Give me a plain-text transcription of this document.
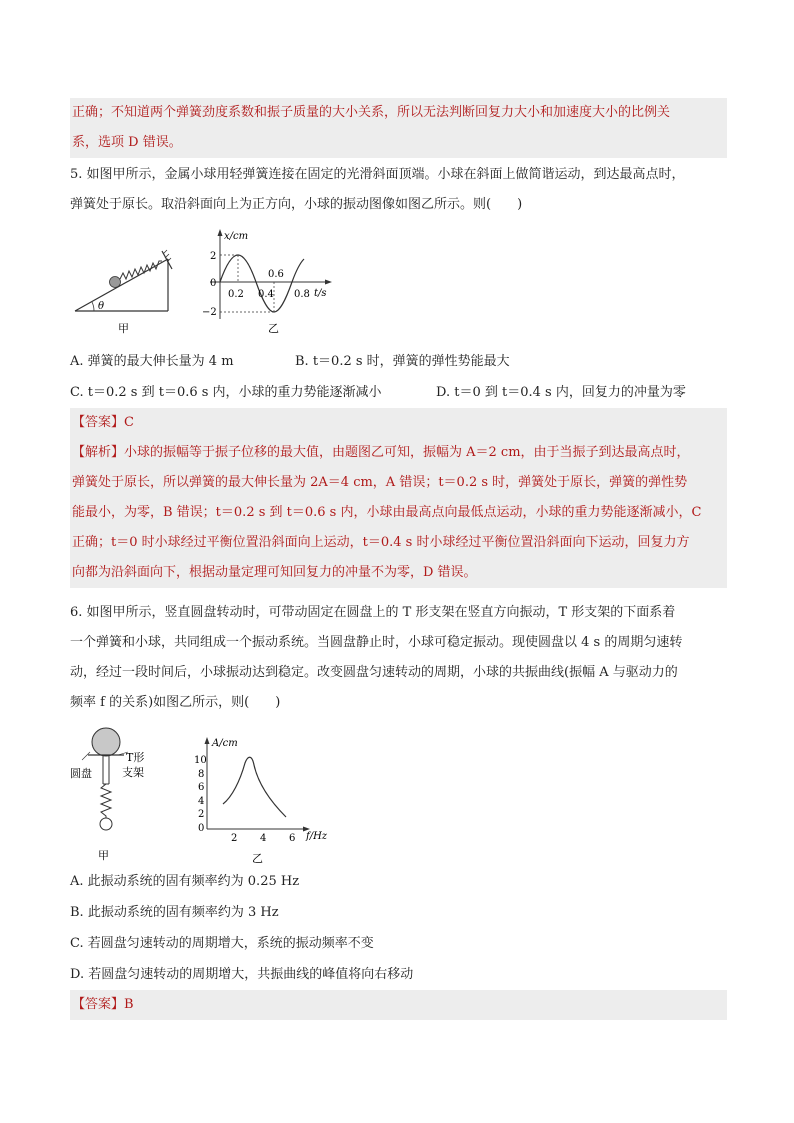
正确；不知道两个弹簧劲度系数和振子质量的大小关系，所以无法判断回复力大小和加速度大小的比例关
系，选项 D 错误。
5. 如图甲所示，金属小球用轻弹簧连接在固定的光滑斜面顶端。小球在斜面上做简谐运动，到达最高点时，
弹簧处于原长。取沿斜面向上为正方向，小球的振动图像如图乙所示。则(　　)
θ
甲
x/cm
t/s
2
0
−2
0.2 0.4
0.6
0.8
乙
A. 弹簧的最大伸长量为 4 m	B. t＝0.2 s 时，弹簧的弹性势能最大
C. t＝0.2 s 到 t＝0.6 s 内，小球的重力势能逐渐减小	D. t＝0 到 t＝0.4 s 内，回复力的冲量为零
【答案】C
【解析】小球的振幅等于振子位移的最大值，由题图乙可知，振幅为 A＝2 cm，由于当振子到达最高点时，
弹簧处于原长，所以弹簧的最大伸长量为 2A＝4 cm，A 错误；t＝0.2 s 时，弹簧处于原长，弹簧的弹性势
能最小，为零，B 错误；t＝0.2 s 到 t＝0.6 s 内，小球由最高点向最低点运动，小球的重力势能逐渐减小，C
正确；t＝0 时小球经过平衡位置沿斜面向上运动，t＝0.4 s 时小球经过平衡位置沿斜面向下运动，回复力方
向都为沿斜面向下，根据动量定理可知回复力的冲量不为零，D 错误。
6. 如图甲所示，竖直圆盘转动时，可带动固定在圆盘上的 T 形支架在竖直方向振动，T 形支架的下面系着
一个弹簧和小球，共同组成一个振动系统。当圆盘静止时，小球可稳定振动。现使圆盘以 4 s 的周期匀速转
动，经过一段时间后，小球振动达到稳定。改变圆盘匀速转动的周期，小球的共振曲线(振幅 A 与驱动力的
频率 f 的关系)如图乙所示，则(　　)
圆盘
T形
支架
甲
A/cm
f/Hz
10
8
6
4
2
0
2 4 6
乙
A. 此振动系统的固有频率约为 0.25 Hz
B. 此振动系统的固有频率约为 3 Hz
C. 若圆盘匀速转动的周期增大，系统的振动频率不变
D. 若圆盘匀速转动的周期增大，共振曲线的峰值将向右移动
【答案】B
